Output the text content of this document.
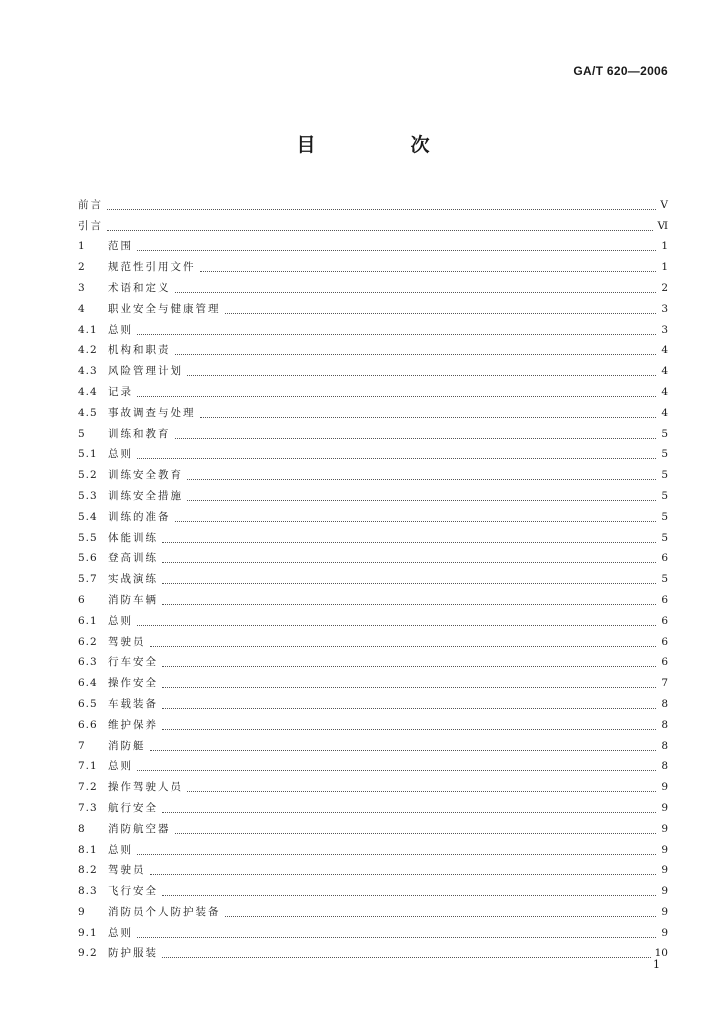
GA/T 620—2006
目　次
前言	V
引言	Ⅵ
1	范围	1
2	规范性引用文件	1
3	术语和定义	2
4	职业安全与健康管理	3
4.1 总则	3
4.2 机构和职责	4
4.3 风险管理计划	4
4.4 记录	4
4.5 事故调查与处理	4
5	训练和教育	5
5.1 总则	5
5.2 训练安全教育	5
5.3 训练安全措施	5
5.4 训练的准备	5
5.5 体能训练	5
5.6 登高训练	6
5.7 实战演练	5
6	消防车辆	6
6.1 总则	6
6.2 驾驶员	6
6.3 行车安全	6
6.4 操作安全	7
6.5 车载装备	8
6.6 维护保养	8
7	消防艇	8
7.1 总则	8
7.2 操作驾驶人员	9
7.3 航行安全	9
8	消防航空器	9
8.1 总则	9
8.2 驾驶员	9
8.3 飞行安全	9
9	消防员个人防护装备	9
9.1 总则	9
9.2 防护服装	10
1
